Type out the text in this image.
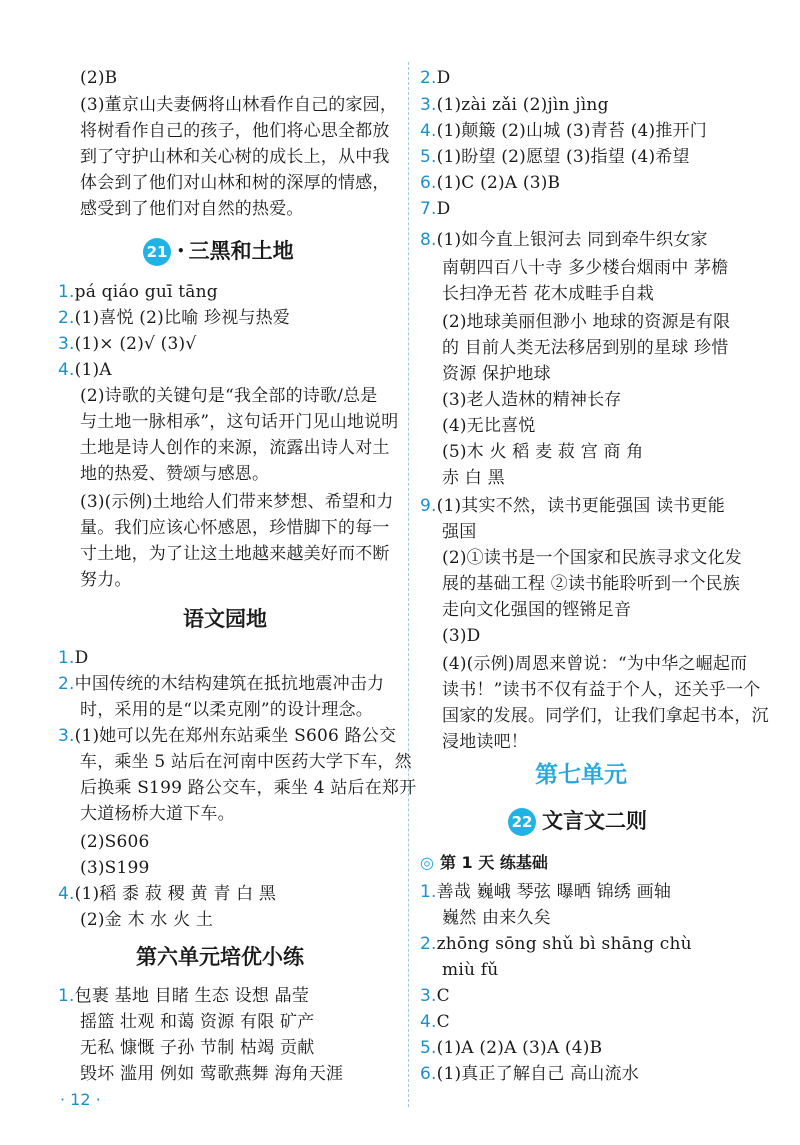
(2)B
(3)董京山夫妻俩将山林看作自己的家园，
将树看作自己的孩子，他们将心思全都放
到了守护山林和关心树的成长上，从中我
体会到了他们对山林和树的深厚的情感，
感受到了他们对自然的热爱。
21 • 三黑和土地
1.pá qiáo guī tāng
2.(1)喜悦 (2)比喻 珍视与热爱
3.(1)× (2)√ (3)√
4.(1)A
(2)诗歌的关键句是“我全部的诗歌/总是
与土地一脉相承”，这句话开门见山地说明
土地是诗人创作的来源，流露出诗人对土
地的热爱、赞颂与感恩。
(3)(示例)土地给人们带来梦想、希望和力
量。我们应该心怀感恩，珍惜脚下的每一
寸土地，为了让这土地越来越美好而不断
努力。
语文园地
1.D
2.中国传统的木结构建筑在抵抗地震冲击力
时，采用的是“以柔克刚”的设计理念。
3.(1)她可以先在郑州东站乘坐 S606 路公交
车，乘坐 5 站后在河南中医药大学下车，然
后换乘 S199 路公交车，乘坐 4 站后在郑开
大道杨桥大道下车。
(2)S606
(3)S199
4.(1)稻 黍 菽 稷 黄 青 白 黑
(2)金 木 水 火 土
第六单元培优小练
1.包裹 基地 目睹 生态 设想 晶莹
摇篮 壮观 和蔼 资源 有限 矿产
无私 慷慨 子孙 节制 枯竭 贡献
毁坏 滥用 例如 莺歌燕舞 海角天涯
· 12 ·
2.D
3.(1)zài zǎi (2)jìn jìng
4.(1)颠簸 (2)山城 (3)青苔 (4)推开门
5.(1)盼望 (2)愿望 (3)指望 (4)希望
6.(1)C (2)A (3)B
7.D
8.(1)如今直上银河去 同到牵牛织女家
南朝四百八十寺 多少楼台烟雨中 茅檐
长扫净无苔 花木成畦手自栽
(2)地球美丽但渺小 地球的资源是有限
的 目前人类无法移居到别的星球 珍惜
资源 保护地球
(3)老人造林的精神长存
(4)无比喜悦
(5)木 火 稻 麦 菽 宫 商 角
赤 白 黑
9.(1)其实不然，读书更能强国 读书更能
强国
(2)①读书是一个国家和民族寻求文化发
展的基础工程 ②读书能聆听到一个民族
走向文化强国的铿锵足音
(3)D
(4)(示例)周恩来曾说：“为中华之崛起而
读书！”读书不仅有益于个人，还关乎一个
国家的发展。同学们，让我们拿起书本，沉
浸地读吧！
第七单元
22 文言文二则
◎ 第 1 天 练基础
1.善哉 巍峨 琴弦 曝晒 锦绣 画轴
巍然 由来久矣
2.zhōng sōng shǔ bì shāng chù
miù fǔ
3.C
4.C
5.(1)A (2)A (3)A (4)B
6.(1)真正了解自己 高山流水
